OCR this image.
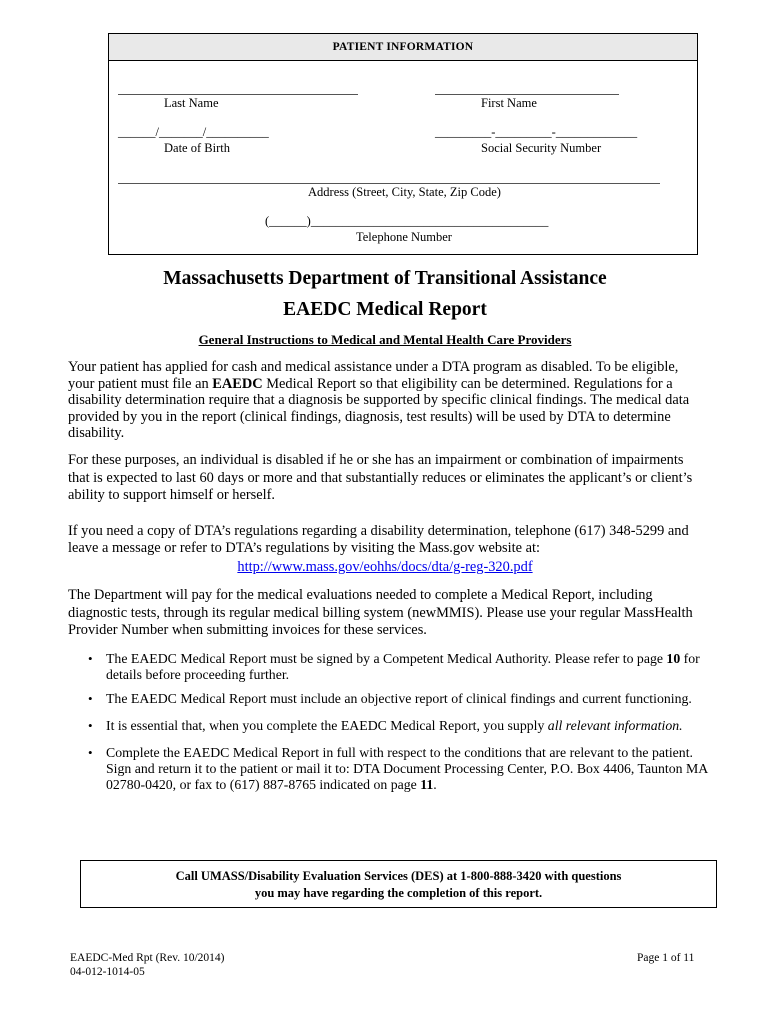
PATIENT INFORMATION
Last Name	First Name
______/_______/__________
Date of Birth
_________-_________-_____________
Social Security Number
Address (Street, City, State, Zip Code)
(______)______________________________________
Telephone Number
Massachusetts Department of Transitional Assistance
EAEDC Medical Report
General Instructions to Medical and Mental Health Care Providers
Your patient has applied for cash and medical assistance under a DTA program as disabled. To be eligible, your patient must file an EAEDC Medical Report so that eligibility can be determined. Regulations for a disability determination require that a diagnosis be supported by specific clinical findings. The medical data provided by you in the report (clinical findings, diagnosis, test results) will be used by DTA to determine disability.
For these purposes, an individual is disabled if he or she has an impairment or combination of impairments that is expected to last 60 days or more and that substantially reduces or eliminates the applicant’s or client’s ability to support himself or herself.
If you need a copy of DTA’s regulations regarding a disability determination, telephone (617) 348-5299 and leave a message or refer to DTA’s regulations by visiting the Mass.gov website at:
http://www.mass.gov/eohhs/docs/dta/g-reg-320.pdf
The Department will pay for the medical evaluations needed to complete a Medical Report, including diagnostic tests, through its regular medical billing system (newMMIS). Please use your regular MassHealth Provider Number when submitting invoices for these services.
• The EAEDC Medical Report must be signed by a Competent Medical Authority. Please refer to page 10 for details before proceeding further.
• The EAEDC Medical Report must include an objective report of clinical findings and current functioning.
• It is essential that, when you complete the EAEDC Medical Report, you supply all relevant information.
• Complete the EAEDC Medical Report in full with respect to the conditions that are relevant to the patient. Sign and return it to the patient or mail it to: DTA Document Processing Center, P.O. Box 4406, Taunton MA 02780-0420, or fax to (617) 887-8765 indicated on page 11.
Call UMASS/Disability Evaluation Services (DES) at 1-800-888-3420 with questions
you may have regarding the completion of this report.
EAEDC-Med Rpt (Rev. 10/2014)
04-012-1014-05
Page 1 of 11
